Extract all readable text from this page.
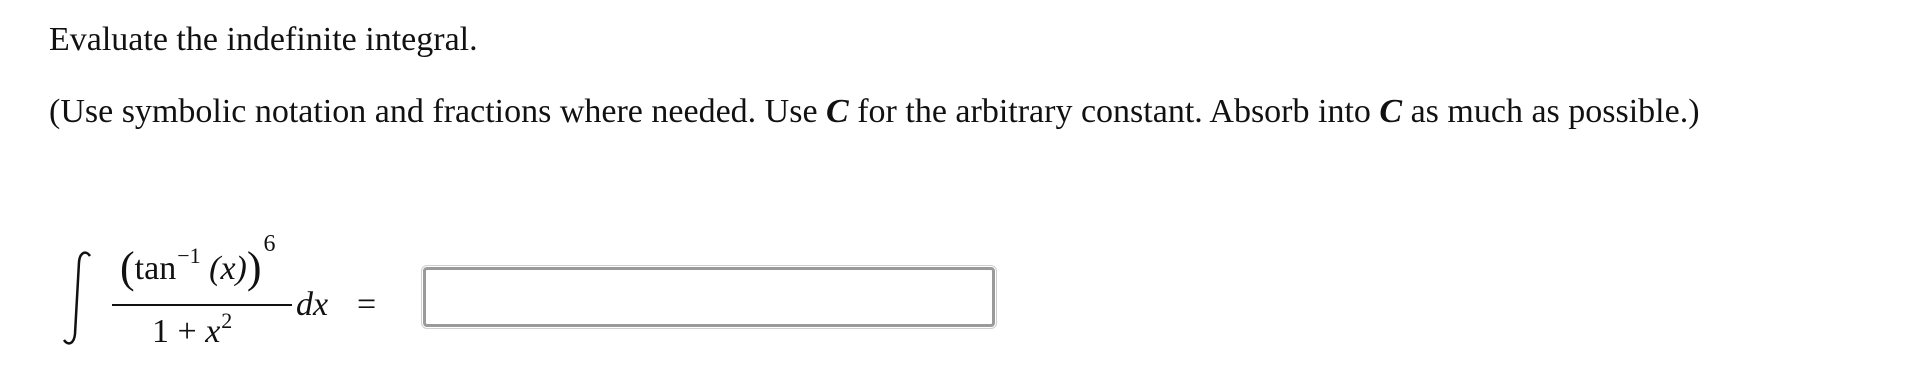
Evaluate the indefinite integral.
(Use symbolic notation and fractions where needed. Use C for the arbitrary constant. Absorb into C as much as possible.)
($\tan^{-1}$ (x))$^6$
$1 + x^2$ dx =
